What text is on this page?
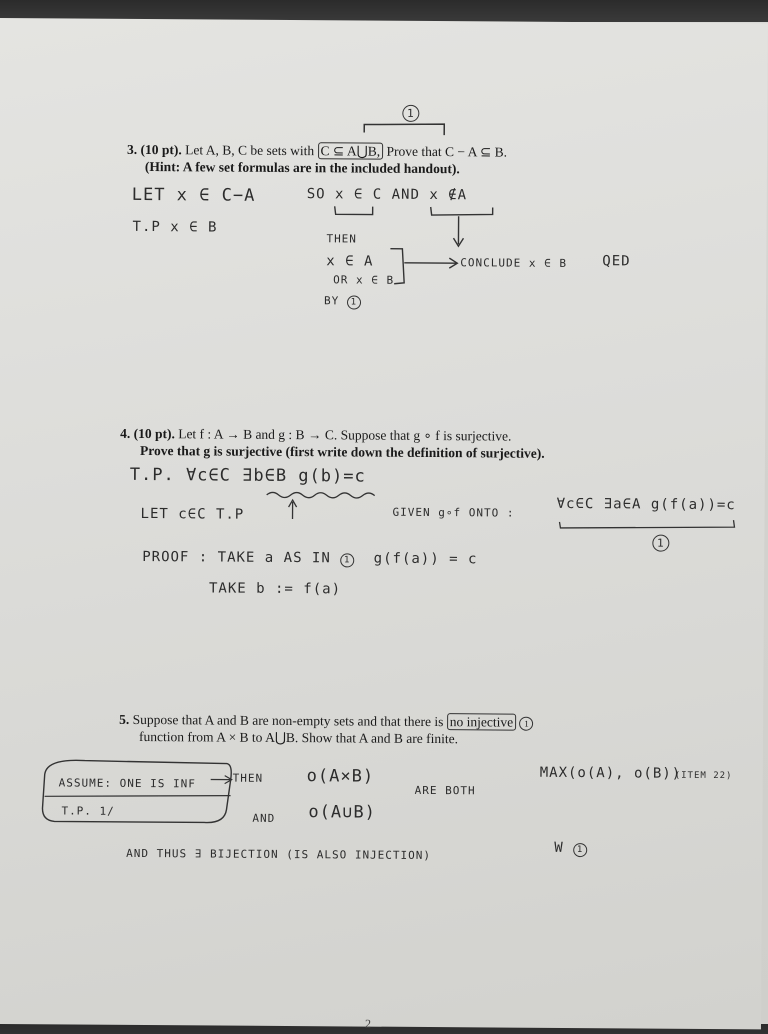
3. (10 pt). Let A, B, C be sets with C ⊆ A⋃B, Prove that C − A ⊆ B.
(Hint: A few set formulas are in the included handout).
1
LET x ∈ C−A	SO x ∈ C AND x ∉A
T.P x ∈ B
THEN
x ∈ A
OR x ∈ B
BY 1
CONCLUDE x ∈ B	QED
4. (10 pt). Let f : A → B and g : B → C. Suppose that g ∘ f is surjective.
Prove that g is surjective (first write down the definition of surjective).
T.P. ∀c∈C ∃b∈B g(b)=c
LET c∈C T.P	GIVEN g∘f ONTO :	∀c∈C ∃a∈A g(f(a))=c
1
PROOF : TAKE a AS IN 1 g(f(a)) = c
TAKE b := f(a)
5. Suppose that A and B are non-empty sets and that there is no injective 1
function from A × B to A⋃B. Show that A and B are finite.
ASSUME: ONE IS INF
T.P. 1/
THEN	o(A×B)
ARE BOTH
MAX(o(A), o(B))
(ITEM 22)
AND o(A∪B)
AND THUS ∃ BIJECTION (IS ALSO INJECTION)	W 1
2
